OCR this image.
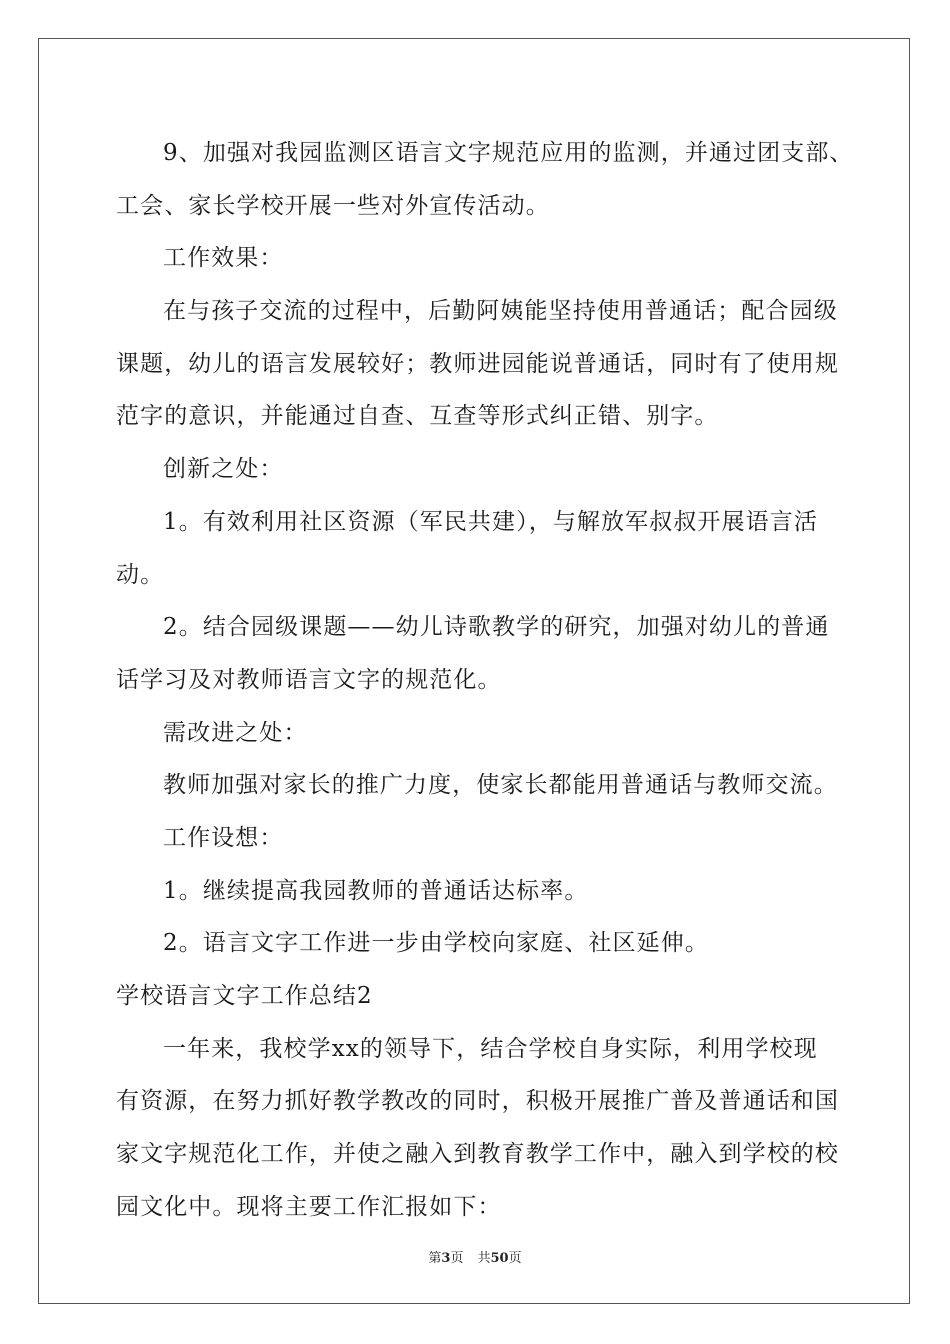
9、加强对我园监测区语言文字规范应用的监测，并通过团支部、
工会、家长学校开展一些对外宣传活动。
工作效果：
在与孩子交流的过程中，后勤阿姨能坚持使用普通话；配合园级
课题，幼儿的语言发展较好；教师进园能说普通话，同时有了使用规
范字的意识，并能通过自查、互查等形式纠正错、别字。
创新之处：
1。有效利用社区资源（军民共建），与解放军叔叔开展语言活
动。
2。结合园级课题——幼儿诗歌教学的研究，加强对幼儿的普通
话学习及对教师语言文字的规范化。
需改进之处：
教师加强对家长的推广力度，使家长都能用普通话与教师交流。
工作设想：
1。继续提高我园教师的普通话达标率。
2。语言文字工作进一步由学校向家庭、社区延伸。
学校语言文字工作总结2
一年来，我校学xx的领导下，结合学校自身实际，利用学校现
有资源，在努力抓好教学教改的同时，积极开展推广普及普通话和国
家文字规范化工作，并使之融入到教育教学工作中，融入到学校的校
园文化中。现将主要工作汇报如下：
第3页 共50页
